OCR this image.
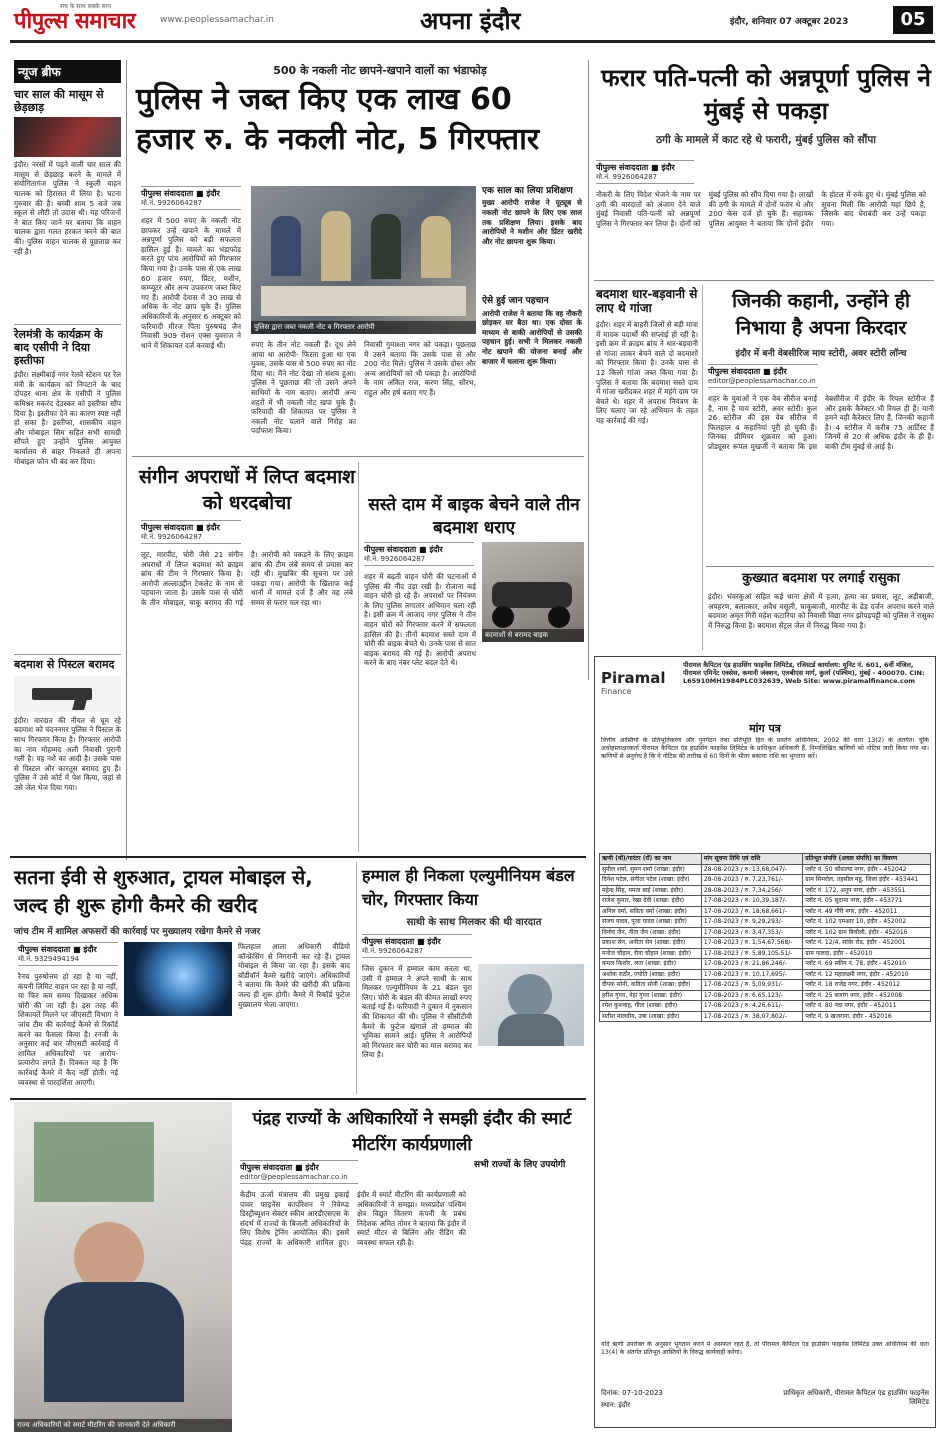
पीपुल्स समाचार
सच के साथ सबके साथ
www.peoplessamachar.in	अपना इंदौर	इंदौर, शनिवार 07 अक्टूबर 2023	05
न्यूज ब्रीफ
चार साल की मासूम से छेड़छाड़
इंदौर। नरसों में पढ़ने वाली चार साल की मासूम से छेड़छाड़ करने के मामले में संयोगितागंज पुलिस ने स्कूली वाहन चालक को हिरासत में लिया है। घटना गुरुवार की है। बच्ची शाम 5 बजे जब स्कूल से लौटी तो उदास थी। यह परिजनों ने बात किए जाने पर बताया कि वाहन चालक द्वारा गलत हरकत करने की बात की। पुलिस वाहन चालक से पूछताछ कर रही है।
रेलमंत्री के कार्यक्रम के बाद एसीपी ने दिया इस्तीफा
इंदौर। लक्ष्मीबाई नगर रेलवे स्टेशन पर रेल मंत्री के कार्यक्रम को निपटाने के बाद दोपहर थाना क्षेत्र के एसीपी ने पुलिस कमिश्नर मकरंद देउस्कर को इस्तीफा सौंप दिया है। इस्तीफा देने का कारण स्पष्ट नहीं हो सका है। इस्तीफा, शासकीय वाहन और मोबाइल सिम सहित सभी सामग्री सौंपते हुए उन्होंने पुलिस आयुक्त कार्यालय से बाहर निकलते ही अपना मोबाइल फोन भी बंद कर दिया।
बदमाश से पिस्टल बरामद
इंदौर। वारदात की नीयत से घूम रहे बदमाश को चंदननगर पुलिस ने पिस्टल के साथ गिरफ्तार किया है। गिरफ्तार आरोपी का नाम मोहम्मद अली निवासी पुरानी गली है। वह नशे का आदी है। उसके पास से पिस्टल और कारतूस बरामद हुए हैं। पुलिस ने उसे कोर्ट में पेश किया, जहां से उसे जेल भेज दिया गया।
500 के नकली नोट छापने-खपाने वालों का भंडाफोड़
पुलिस ने जब्त किए एक लाख 60 हजार रु. के नकली नोट, 5 गिरफ्तार
पीपुल्स संवाददाता ■ इंदौर
मो.नं. 9926064287
शहर में 500 रुपए के नकली नोट छापकर उन्हें खपाने के मामले में अन्नपूर्णा पुलिस को बड़ी सफलता हासिल हुई है। मामले का भंडाफोड़ करते हुए पांच आरोपियों को गिरफ्तार किया गया है। उनके पास से एक लाख 60 हजार रुपए, प्रिंटर, मशीन, कम्प्यूटर और अन्य उपकरण जब्त किए गए हैं। आरोपी देवास में 30 लाख से अधिक के नोट छाप चुके हैं। पुलिस अधिकारियों के अनुसार 6 अक्टूबर को फरियादी मीरज पिता पुरुषचंद्र जैन निवासी 909 रोशन एक्स युवराज ने थाने में शिकायत दर्ज करवाई थी।
पुलिस द्वारा जब्त नकली नोट व गिरफ्तार आरोपी
रुपए के तीन नोट नकली हैं। दूध लेने आया था आरोपी- फिरता हुआ था एक युवक, उसके पास से 500 रुपए का नोट दिया था। मैंने नोट देखा तो संशय हुआ। पुलिस ने पूछताछ की तो उसने अपने साथियों के नाम बताए। आरोपी अन्य शहरों में भी नकली नोट खपा चुके हैं। फरियादी की शिकायत पर पुलिस ने नकली नोट चलाने वाले गिरोह का पर्दाफाश किया।
निवासी गुमाश्ता नगर को पकड़ा। पूछताछ में उसने बताया कि उसके पास से और 200 नोट मिले। पुलिस ने उसके दोस्त और अन्य आरोपियों को भी पकड़ा है। आरोपियों के नाम अंकित राज, करण सिंह, सौरभ, राहुल और हर्ष बताए गए हैं।
एक साल का लिया प्रशिक्षण
मुख्य आरोपी राजेश ने यूट्यूब से नकली नोट छापने के लिए एक साल तक प्रशिक्षण लिया। इसके बाद आरोपियों ने मशीन और प्रिंटर खरीदे और नोट छापना शुरू किया।
ऐसे हुई जान पहचान
आरोपी राजेश ने बताया कि वह नौकरी छोड़कर घर बैठा था। एक दोस्त के माध्यम से बाकी आरोपियों से उसकी पहचान हुई। सभी ने मिलकर नकली नोट खपाने की योजना बनाई और बाजार में चलाना शुरू किया।
फरार पति-पत्नी को अन्नपूर्णा पुलिस ने मुंबई से पकड़ा
ठगी के मामले में काट रहे थे फरारी, मुंबई पुलिस को सौंपा
पीपुल्स संवाददाता ■ इंदौर
मो.नं. 9926064287
नौकरी के लिए विदेश भेजने के नाम पर ठगी की वारदातों को अंजाम देने वाले मुंबई निवासी पति-पत्नी को अन्नपूर्णा पुलिस ने गिरफ्तार कर लिया है। दोनों को मुंबई पुलिस को सौंप दिया गया है। लाखों की ठगी के मामले में दोनों फरार थे और 200 केस दर्ज हो चुके हैं। सहायक पुलिस आयुक्त ने बताया कि दोनों इंदौर के होटल में रुके हुए थे। मुंबई पुलिस को सूचना मिली कि आरोपी यहां छिपे हैं, जिसके बाद घेराबंदी कर उन्हें पकड़ा गया।
बदमाश धार-बड़वानी से लाए थे गांजा
इंदौर। शहर में बाहरी जिलों से बड़ी मात्रा में मादक पदार्थों की सप्लाई हो रही है। इसी क्रम में क्राइम ब्रांच ने धार-बड़वानी से गांजा लाकर बेचने वाले दो बदमाशों को गिरफ्तार किया है। उनके पास से 12 किलो गांजा जब्त किया गया है। पुलिस ने बताया कि बदमाश सस्ते दाम में गांजा खरीदकर शहर में महंगे दाम पर बेचते थे। शहर में अपराध नियंत्रण के लिए चलाए जा रहे अभियान के तहत यह कार्रवाई की गई।
जिनकी कहानी, उन्होंने ही निभाया है अपना किरदार
इंदौर में बनी वेबसीरिज माय स्टोरी, अवर स्टोरी लॉन्च
पीपुल्स संवाददाता ■ इंदौर
editor@peoplessamachar.co.in
शहर के युवाओं ने एक वेब सीरीज बनाई है, नाम है माय स्टोरी, अवर स्टोरी। कुल 26 स्टोरीज की इस वेब सीरीज में फिलहाल 4 कहानियां पूरी हो चुकी हैं। जिनका प्रीमियर शुक्रवार को हुआ। प्रोड्यूसर रूपल मुखर्जी ने बताया कि इस वेबसीरीज में इंदौर के रियल स्टोरीज हैं और इसके कैरेक्टर भी रियल ही हैं। यानी हमने वही कैरेक्टर लिए हैं, जिनकी कहानी है। 4 स्टोरीज में करीब 75 आर्टिस्ट हैं जिनमें से 20 से अधिक इंदौर के ही हैं। बाकी टीम मुंबई से आई है।
कुख्यात बदमाश पर लगाई रासुका
इंदौर। भंवरकुआं सहित कई थाना क्षेत्रों में हत्या, हत्या का प्रयास, लूट, अड़ीबाजी, अपहरण, बलात्कार, अवैध वसूली, चाकूबाजी, मारपीट के ढेड़ दर्जन अपराध करने वाले बदमाश अमृत गिरी महेश कटारिया को निवासी विद्या नगर झोपड़पट्टी को पुलिस ने रासुका में निरुद्ध किया है। बदमाश सेंट्रल जेल में निरुद्ध किया गया है।
संगीन अपराधों में लिप्त बदमाश को धरदबोचा
पीपुल्स संवाददाता ■ इंदौर
मो.नं. 9926064287
लूट, मारपीट, चोरी जैसे 21 संगीन अपराधों में लिप्त बदमाश को क्राइम ब्रांच की टीम ने गिरफ्तार किया है। आरोपी अल्लाउद्दीन टेकलेट के नाम से पहचाना जाता है। उसके पास से चोरी के तीन मोबाइल, चाकू बरामद की गई है। आरोपी को पकड़ने के लिए क्राइम ब्रांच की टीम लंबे समय से प्रयास कर रही थी। मुखबिर की सूचना पर उसे पकड़ा गया। आरोपी के खिलाफ कई थानों में मामले दर्ज हैं और वह लंबे समय से फरार चल रहा था।
सस्ते दाम में बाइक बेचने वाले तीन बदमाश धराए
पीपुल्स संवाददाता ■ इंदौर
मो.नं. 9926064287
शहर में बढ़ती वाहन चोरी की घटनाओं में पुलिस की नींद उड़ा रखी है। रोजाना कई वाहन चोरी हो रहे हैं। अपराधों पर नियंत्रण के लिए पुलिस लगातार अभियान चला रही है। इसी क्रम में आजाद नगर पुलिस ने तीन वाहन चोरों को गिरफ्तार करने में सफलता हासिल की है। तीनों बदमाश सस्ते दाम में चोरी की बाइक बेचते थे। उनके पास से सात बाइक बरामद की गई हैं। आरोपी अपराध करने के बाद नंबर प्लेट बदल देते थे।
बदमाशों से बरामद बाइक
Piramal
Finance
पीरामल कैपिटल एंड हाउसिंग फाइनेंस लिमिटेड, रजिस्टर्ड कार्यालय: यूनिट नं. 601, 6वीं मंजिल, पीरामल एमिनेंट एक्सेस, कमानी जंक्शन, एलबीएस मार्ग, कुर्ला (पश्चिम), मुंबई - 400070. CIN: L65910MH1984PLC032639, Web Site: www.piramalfinance.com
मांग पत्र
वित्तीय आस्तियों के प्रतिभूतिकरण और पुनर्गठन तथा प्रतिभूति हित के प्रवर्तन अधिनियम, 2002 की धारा 13(2) के अंतर्गत। चूंकि अधोहस्ताक्षरकर्ता पीरामल कैपिटल एंड हाउसिंग फाइनेंस लिमिटेड के प्राधिकृत अधिकारी हैं, निम्नलिखित ऋणियों को नोटिस जारी किया गया था। ऋणियों से अनुरोध है कि वे नोटिस की तारीख से 60 दिनों के भीतर बकाया राशि का भुगतान करें।
ऋणी (यों)/गारंटर (रों) का नाम	मांग सूचना तिथि एवं राशि	प्रतिभूत संपत्ति (अचल संपत्ति) का विवरण
सुनील शर्मा, सुमन शर्मा (शाखा: इंदौर)	28-08-2023 / रु. 13,68,047/-	प्लॉट नं. 50 कौशल्या नगर, इंदौर - 452042
दिनेश पटेल, संगीता पटेल (शाखा: इंदौर)	28-08-2023 / रु. 7,23,761/-	ग्राम सिमरोल, तहसील महू, जिला इंदौर - 453441
महेन्द्र सिंह, ममता बाई (शाखा: इंदौर)	28-08-2023 / रु. 7,34,256/-	प्लॉट नं. 172, अनूप नगर, इंदौर - 453551
राजेश कुमार, रेखा देवी (शाखा: इंदौर)	17-08-2023 / रु. 10,39,187/-	प्लॉट नं. 05 सुदामा नगर, इंदौर - 453771
अनिल वर्मा, सविता वर्मा (शाखा: इंदौर)	17-08-2023 / रु. 18,68,661/-	प्लॉट नं. 49 गौरी नगर, इंदौर - 452011
संजय यादव, पूजा यादव (शाखा: इंदौर)	17-08-2023 / रु. 9,29,293/-	प्लॉट नं. 102 एमआर 10, इंदौर - 452002
विनोद जैन, नीता जैन (शाखा: इंदौर)	17-08-2023 / रु. 3,47,353/-	प्लॉट नं. 102 ग्राम बिचौली, इंदौर - 452016
प्रकाश सेन, अनीता सेन (शाखा: इंदौर)	17-08-2023 / रु. 1,54,67,568/-	प्लॉट नं. 12/4, सांवेर रोड, इंदौर - 452001
मनोज चौहान, रीना चौहान (शाखा: इंदौर)	17-08-2023 / रु. 5,89,105.51/-	ग्राम पालदा, इंदौर - 452010
कमल किशोर, लता (शाखा: इंदौर)	17-08-2023 / रु. 21,86,246/-	प्लॉट नं. 69 स्कीम नं. 78, इंदौर - 452010
अशोक राठौर, ज्योति (शाखा: इंदौर)	17-08-2023 / रु. 10,17,695/-	प्लॉट नं. 12 महालक्ष्मी नगर, इंदौर - 452010
दीपक सोनी, कविता सोनी (शाखा: इंदौर)	17-08-2023 / रु. 5,09,931/-	प्लॉट नं. 18 राजेंद्र नगर, इंदौर - 452012
हरीश गुप्ता, नेहा गुप्ता (शाखा: इंदौर)	17-08-2023 / रु. 6,65,123/-	प्लॉट नं. 25 बजरंग नगर, इंदौर - 452008
रमेश कुशवाह, गीता (शाखा: इंदौर)	17-08-2023 / रु. 4,26,611/-	प्लॉट नं. 80 नंदा नगर, इंदौर - 452011
सतीश मालवीय, उषा (शाखा: इंदौर)	17-08-2023 / रु. 38,07,802/-	प्लॉट नं. 9 खजराना, इंदौर - 452016
यदि ऋणी उपरोक्त के अनुसार भुगतान करने में असफल रहते हैं, तो पीरामल कैपिटल एंड हाउसिंग फाइनेंस लिमिटेड उक्त अधिनियम की धारा 13(4) के अंतर्गत प्रतिभूत आस्तियों के विरुद्ध कार्यवाही करेगा।
दिनांक: 07-10-2023
स्थान: इंदौर
प्राधिकृत अधिकारी, पीरामल कैपिटल एंड हाउसिंग फाइनेंस लिमिटेड
सतना ईवी से शुरुआत, ट्रायल मोबाइल से, जल्द ही शुरू होगी कैमरे की खरीद
जांच टीम में शामिल अफसरों की कार्रवाई पर मुख्यालय रखेगा कैमरे से नजर
पीपुल्स संवाददाता ■ इंदौर
मो.नं. 9329494194
रैनच पुरुषोत्तम हो रहा है या नहीं, कंपनी लिमिट वाहन पर रहा है या नहीं, या फिर कम समय दिखाकर अधिक चोरी की जा रही है। इस तरह की शिकायतें मिलने पर जीएसटी विभाग ने जांच टीम की कार्रवाई कैमरे से रिकॉर्ड करने का फैसला किया है। रनजी के अनुसार कई बार जीएसटी कार्रवाई में शामिल अधिकारियों पर आरोप-प्रत्यारोप लगते हैं। दिक्कत यह है कि कार्रवाई कैमरे में कैद नहीं होती। नई व्यवस्था से पारदर्शिता आएगी।
फिलहाल आला अधिकारी वीडियो कॉन्फ्रेंसिंग से निगरानी कर रहे हैं। ट्रायल मोबाइल से किया जा रहा है। इसके बाद बॉडीवॉर्न कैमरे खरीदे जाएंगे। अधिकारियों ने बताया कि कैमरे की खरीदी की प्रक्रिया जल्द ही शुरू होगी। कैमरे में रिकॉर्ड फुटेज मुख्यालय भेजा जाएगा।
हम्माल ही निकला एल्युमीनियम बंडल चोर, गिरफ्तार किया
साथी के साथ मिलकर की थी वारदात
पीपुल्स संवाददाता ■ इंदौर
मो.नं. 9926064287
जिस दुकान में हम्माल काम करता था, उसी में हम्माल ने अपने साथी के साथ मिलकर एल्युमीनियम के 21 बंडल चुरा लिए। चोरी के बंडल की कीमत लाखों रुपए बताई गई है। फरियादी ने दुकान में नुकसान की शिकायत की थी। पुलिस ने सीसीटीवी कैमरे के फुटेज खंगाले तो हम्माल की भूमिका सामने आई। पुलिस ने आरोपियों को गिरफ्तार कर चोरी का माल बरामद कर लिया है।
राज्य अधिकारियों को स्मार्ट मीटरिंग की जानकारी देते अधिकारी
पंद्रह राज्यों के अधिकारियों ने समझी इंदौर की स्मार्ट मीटरिंग कार्यप्रणाली
पीपुल्स संवाददाता ■ इंदौर
editor@peoplessamachar.co.in
केंद्रीय ऊर्जा मंत्रालय की प्रमुख इकाई पावर फाइनेंस कार्पोरेशन ने रिवेम्प्ड डिस्ट्रीब्यूशन सेक्टर स्कीम आरडीएसएस के संदर्भ में राज्यों के बिजली अधिकारियों के लिए विशेष ट्रेनिंग आयोजित की। इसमें पंद्रह राज्यों के अधिकारी शामिल हुए। इंदौर में स्मार्ट मीटरिंग की कार्यप्रणाली को अधिकारियों ने समझा। मध्यप्रदेश पश्चिम क्षेत्र विद्युत वितरण कंपनी के प्रबंध निदेशक अमित तोमर ने बताया कि इंदौर में स्मार्ट मीटर से बिलिंग और रीडिंग की व्यवस्था सफल रही है।
सभी राज्यों के लिए उपयोगी
